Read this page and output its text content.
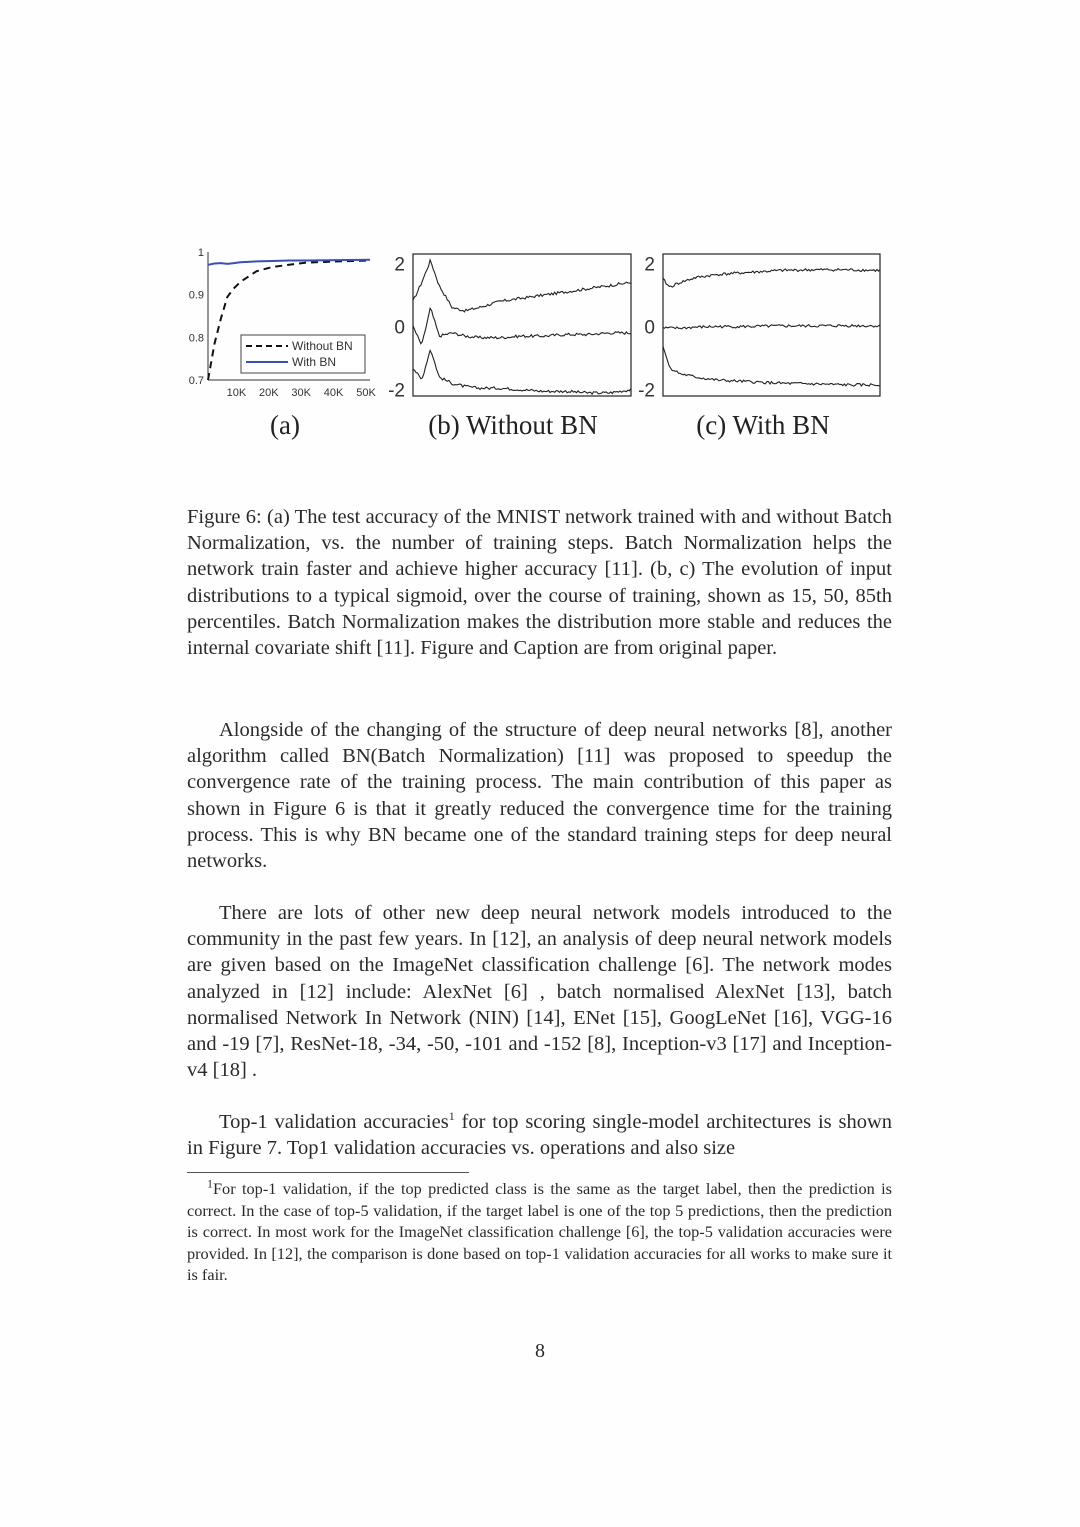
0.7
0.8
0.9
1
10K 20K 30K 40K 50K
Without BN
With BN
-2
0
2
-2
0
2
(a)	(b) Without BN	(c) With BN

Figure 6: (a) The test accuracy of the MNIST network trained with and without Batch Normalization, vs. the number of training steps. Batch Normalization helps the network train faster and achieve higher accuracy [11]. (b, c) The evolution of input distributions to a typical sigmoid, over the course of training, shown as 15, 50, 85th percentiles. Batch Normalization makes the distribution more stable and reduces the internal covariate shift [11]. Figure and Caption are from original paper.

Alongside of the changing of the structure of deep neural networks [8], another algorithm called BN(Batch Normalization) [11] was proposed to speedup the convergence rate of the training process. The main contribution of this paper as shown in Figure 6 is that it greatly reduced the convergence time for the training process. This is why BN became one of the standard training steps for deep neural networks.

There are lots of other new deep neural network models introduced to the community in the past few years. In [12], an analysis of deep neural network models are given based on the ImageNet classification challenge [6]. The network modes analyzed in [12] include: AlexNet [6] , batch normalised AlexNet [13], batch normalised Network In Network (NIN) [14], ENet [15], GoogLeNet [16], VGG-16 and -19 [7], ResNet-18, -34, -50, -101 and -152 [8], Inception-v3 [17] and Inception-v4 [18] .

Top-1 validation accuracies$^1$ for top scoring single-model architectures is shown in Figure 7. Top1 validation accuracies vs. operations and also size

$^1$For top-1 validation, if the top predicted class is the same as the target label, then the prediction is correct. In the case of top-5 validation, if the target label is one of the top 5 predictions, then the prediction is correct. In most work for the ImageNet classification challenge [6], the top-5 validation accuracies were provided. In [12], the comparison is done based on top-1 validation accuracies for all works to make sure it is fair.

8
